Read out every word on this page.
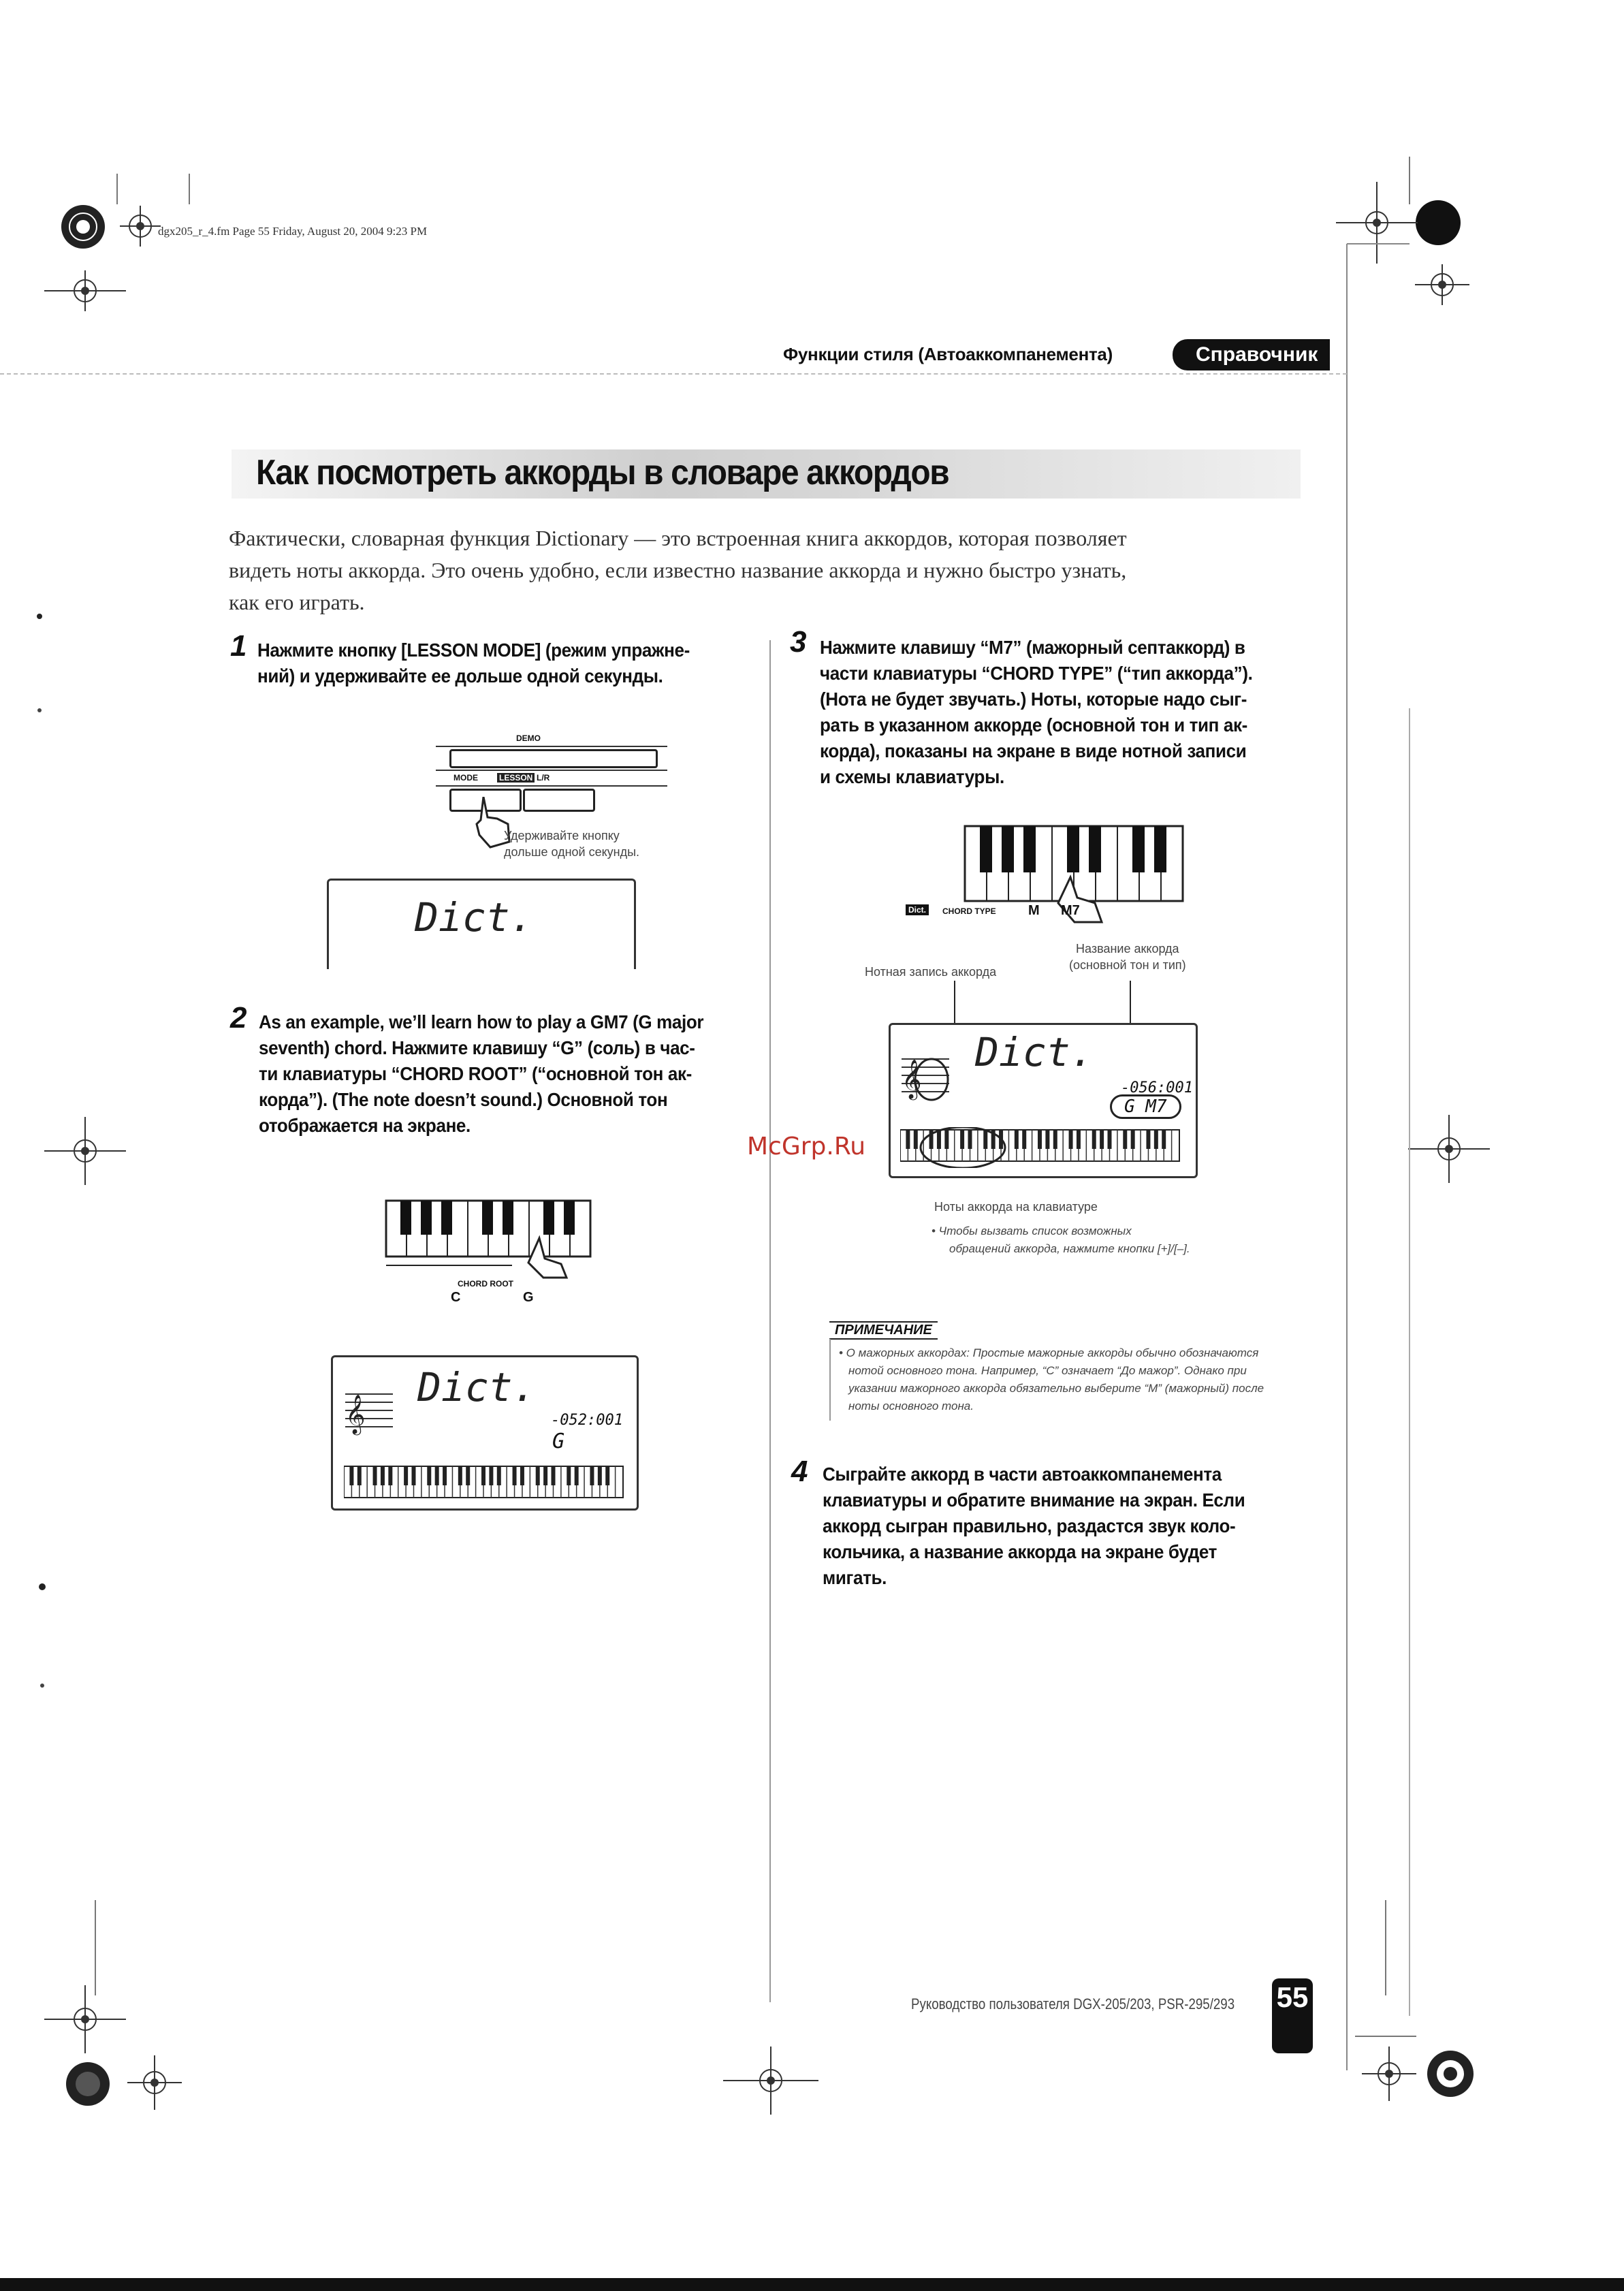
dgx205_r_4.fm Page 55 Friday, August 20, 2004 9:23 PM
Функции стиля (Автоаккомпанемента)	Справочник
Как посмотреть аккорды в словаре аккордов
Фактически, словарная функция Dictionary — это встроенная книга аккордов, которая позволяет
видеть ноты аккорда. Это очень удобно, если известно название аккорда и нужно быстро узнать,
как его играть.
1 Нажмите кнопку [LESSON MODE] (режим упражне-
ний) и удерживайте ее дольше одной секунды.
DEMO
MODE	LESSON L/R
Удерживайте кнопку
дольше одной секунды.
Dict.
2 As an example, we’ll learn how to play a GM7 (G major
seventh) chord. Нажмите клавишу “G” (соль) в час-
ти клавиатуры “CHORD ROOT” (“основной тон ак-
корда”). (The note doesn’t sound.) Основной тон
отображается на экране.
CHORD ROOT
C	G
𝄞
Dict.
-052:001
G
3 Нажмите клавишу “M7” (мажорный септаккорд) в
части клавиатуры “CHORD TYPE” (“тип аккорда”).
(Нота не будет звучать.) Ноты, которые надо сыг-
рать в указанном аккорде (основной тон и тип ак-
корда), показаны на экране в виде нотной записи
и схемы клавиатуры.
Dict.	CHORD TYPE M M7
Нотная запись аккорда
Название аккорда
(основной тон и тип)
𝄞
Dict.
-056:001
G M7
Ноты аккорда на клавиатуре
• Чтобы вызвать список возможных
обращений аккорда, нажмите кнопки [+]/[–].
McGrp.Ru
ПРИМЕЧАНИЕ
• О мажорных аккордах: Простые мажорные аккорды обычно обозначаются
нотой основного тона. Например, “C” означает “До мажор”. Однако при
указании мажорного аккорда обязательно выберите “M” (мажорный) после
ноты основного тона.
4 Сыграйте аккорд в части автоаккомпанемента
клавиатуры и обратите внимание на экран. Если
аккорд сыгран правильно, раздастся звук коло-
кольчика, а название аккорда на экране будет
мигать.
Руководство пользователя DGX-205/203, PSR-295/293 55
